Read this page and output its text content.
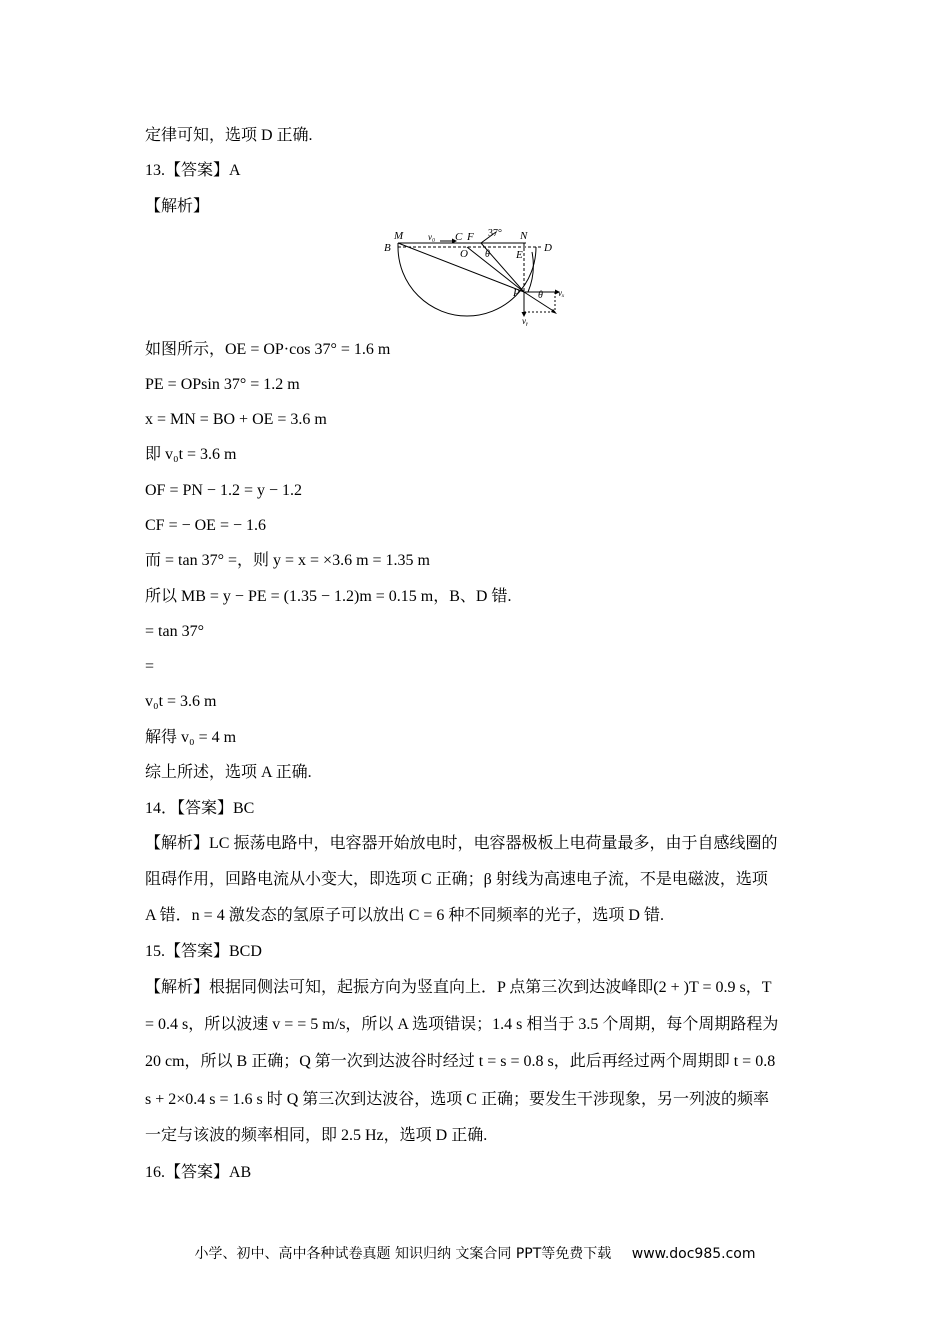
定律可知，选项 D 正确.
13.【答案】A
【解析】
M
B
v₀ C F 37° N
D
O θ E
P θ vₓ
vᵧ
如图所示，OE = OP·cos 37° = 1.6 m
PE = OPsin 37° = 1.2 m
x = MN = BO + OE = 3.6 m
即 v₀t = 3.6 m
OF = PN − 1.2 = y − 1.2
CF = − OE = − 1.6
而 = tan 37° =，则 y = x = ×3.6 m = 1.35 m
所以 MB = y − PE = (1.35 − 1.2)m = 0.15 m，B、D 错.
= tan 37°
=
v₀t = 3.6 m
解得 v₀ = 4 m
综上所述，选项 A 正确.
14．【答案】BC
【解析】LC 振荡电路中，电容器开始放电时，电容器极板上电荷量最多，由于自感线圈的
阻碍作用，回路电流从小变大，即选项 C 正确；β 射线为高速电子流，不是电磁波，选项
A 错．n = 4 激发态的氢原子可以放出 C = 6 种不同频率的光子，选项 D 错.
15.【答案】BCD
【解析】根据同侧法可知，起振方向为竖直向上．P 点第三次到达波峰即(2 + )T = 0.9 s，T
= 0.4 s，所以波速 v = = 5 m/s，所以 A 选项错误；1.4 s 相当于 3.5 个周期，每个周期路程为
20 cm，所以 B 正确；Q 第一次到达波谷时经过 t = s = 0.8 s，此后再经过两个周期即 t = 0.8
s + 2×0.4 s = 1.6 s 时 Q 第三次到达波谷，选项 C 正确；要发生干涉现象，另一列波的频率
一定与该波的频率相同，即 2.5 Hz，选项 D 正确.
16.【答案】AB
小学、初中、高中各种试卷真题 知识归纳 文案合同 PPT等免费下载 www.doc985.com
